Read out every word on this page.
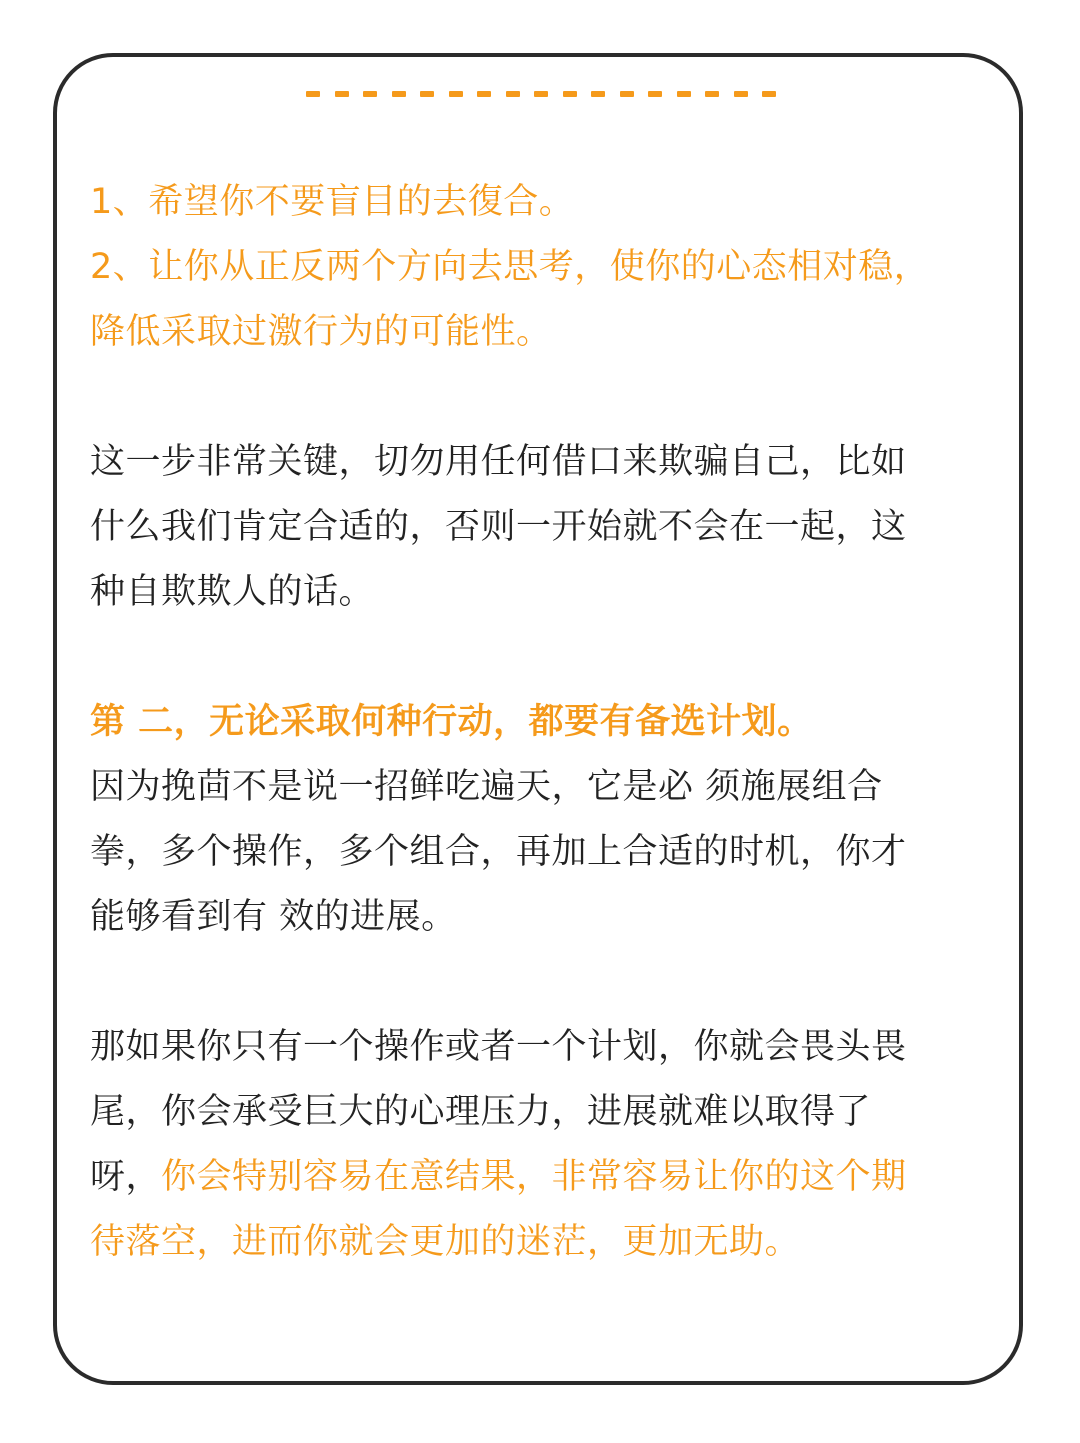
1、希望你不要盲目的去復合。
2、让你从正反两个方向去思考，使你的心态相对稳，
降低采取过激行为的可能性。
这一步非常关键，切勿用任何借口来欺骗自己，比如
什么我们肯定合适的，否则一开始就不会在一起，这
种自欺欺人的话。
第 二，无论采取何种行动，都要有备选计划。
因为挽茴不是说一招鲜吃遍天，它是必 须施展组合
拳，多个操作，多个组合，再加上合适的时机，你才
能够看到有 效的进展。
那如果你只有一个操作或者一个计划，你就会畏头畏
尾，你会承受巨大的心理压力，进展就难以取得了
呀，你会特别容易在意结果，非常容易让你的这个期
待落空，进而你就会更加的迷茫，更加无助。
